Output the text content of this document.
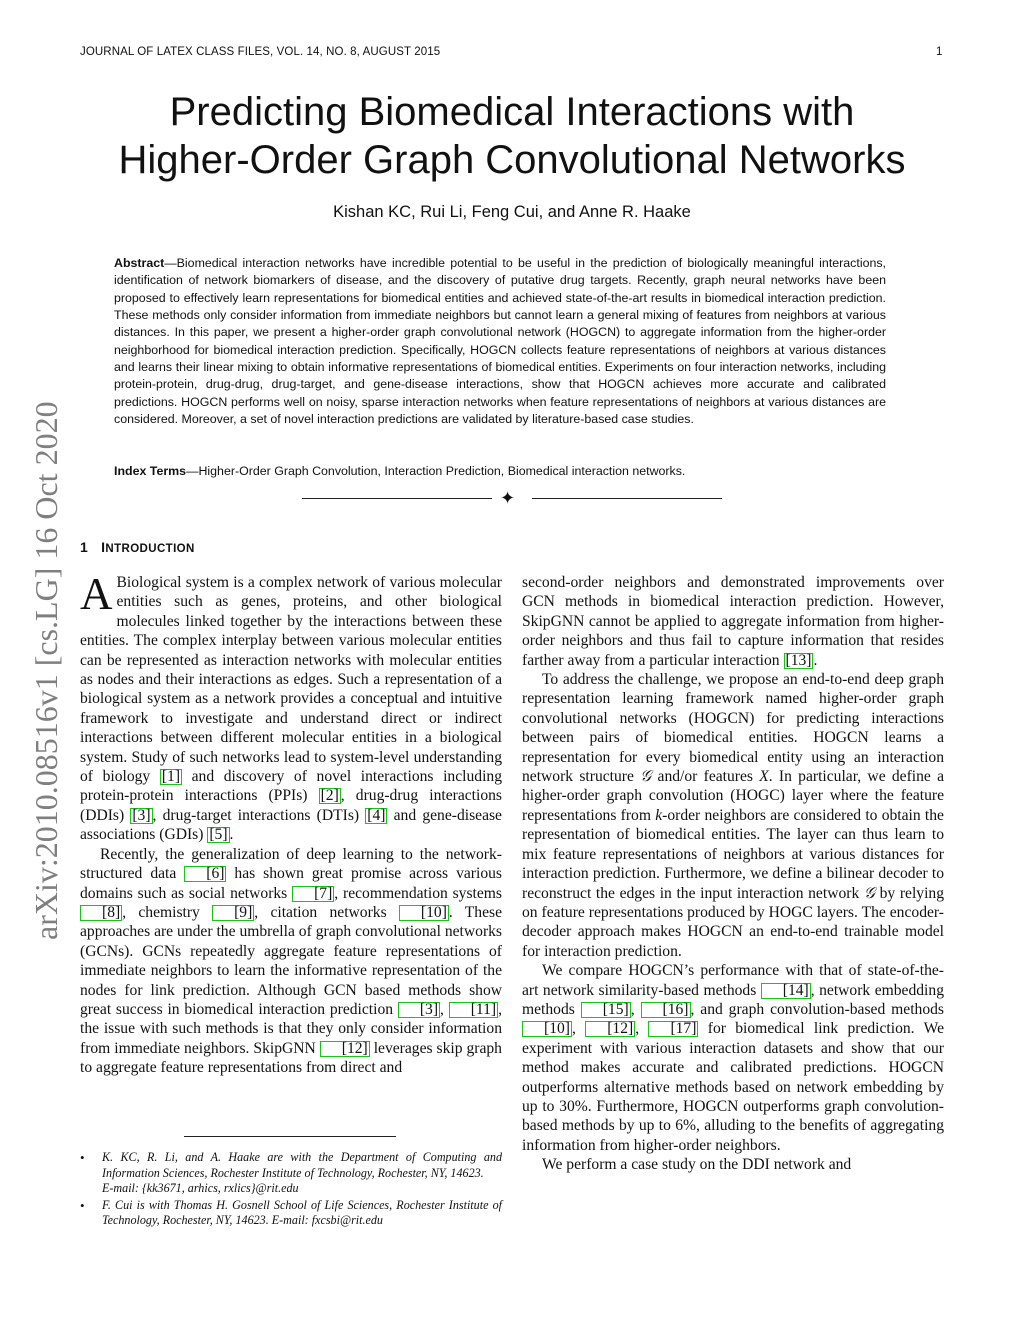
JOURNAL OF LATEX CLASS FILES, VOL. 14, NO. 8, AUGUST 2015	1
Predicting Biomedical Interactions with
Higher-Order Graph Convolutional Networks
Kishan KC, Rui Li, Feng Cui, and Anne R. Haake
Abstract—Biomedical interaction networks have incredible potential to be useful in the prediction of biologically meaningful interactions, identification of network biomarkers of disease, and the discovery of putative drug targets. Recently, graph neural networks have been proposed to effectively learn representations for biomedical entities and achieved state-of-the-art results in biomedical interaction prediction. These methods only consider information from immediate neighbors but cannot learn a general mixing of features from neighbors at various distances. In this paper, we present a higher-order graph convolutional network (HOGCN) to aggregate information from the higher-order neighborhood for biomedical interaction prediction. Specifically, HOGCN collects feature representations of neighbors at various distances and learns their linear mixing to obtain informative representations of biomedical entities. Experiments on four interaction networks, including protein-protein, drug-drug, drug-target, and gene-disease interactions, show that HOGCN achieves more accurate and calibrated predictions. HOGCN performs well on noisy, sparse interaction networks when feature representations of neighbors at various distances are considered. Moreover, a set of novel interaction predictions are validated by literature-based case studies.
Index Terms—Higher-Order Graph Convolution, Interaction Prediction, Biomedical interaction networks.
✦
1 INTRODUCTION

A Biological system is a complex network of various molecular entities such as genes, proteins, and other biological molecules linked together by the interactions between these entities. The complex interplay between various molecular entities can be represented as interaction networks with molecular entities as nodes and their interactions as edges. Such a representation of a biological system as a network provides a conceptual and intuitive framework to investigate and understand direct or indirect interactions between different molecular entities in a biological system. Study of such networks lead to system-level understanding of biology [1] and discovery of novel interactions including protein-protein interactions (PPIs) [2] , drug-drug interactions (DDIs) [3] , drug-target interactions (DTIs) [4] and gene-disease associations (GDIs) [5] .

Recently, the generalization of deep learning to the network-structured data [6] has shown great promise across various domains such as social networks [7] , recommendation systems [8] , chemistry [9] , citation networks [10] . These approaches are under the umbrella of graph convolutional networks (GCNs). GCNs repeatedly aggregate feature representations of immediate neighbors to learn the informative representation of the nodes for link prediction. Although GCN based methods show great success in biomedical interaction prediction [3] , [11] , the issue with such methods is that they only consider information from immediate neighbors. SkipGNN [12] leverages skip graph to aggregate feature representations from direct and

second-order neighbors and demonstrated improvements over GCN methods in biomedical interaction prediction. However, SkipGNN cannot be applied to aggregate information from higher-order neighbors and thus fail to capture information that resides farther away from a particular interaction [13] .

To address the challenge, we propose an end-to-end deep graph representation learning framework named higher-order graph convolutional networks (HOGCN) for predicting interactions between pairs of biomedical entities. HOGCN learns a representation for every biomedical entity using an interaction network structure 𝒢 and/or features X. In particular, we define a higher-order graph convolution (HOGC) layer where the feature representations from k-order neighbors are considered to obtain the representation of biomedical entities. The layer can thus learn to mix feature representations of neighbors at various distances for interaction prediction. Furthermore, we define a bilinear decoder to reconstruct the edges in the input interaction network 𝒢 by relying on feature representations produced by HOGC layers. The encoder-decoder approach makes HOGCN an end-to-end trainable model for interaction prediction.

We compare HOGCN’s performance with that of state-of-the-art network similarity-based methods [14] , network embedding methods [15] , [16] , and graph convolution-based methods [10] , [12] , [17] for biomedical link prediction. We experiment with various interaction datasets and show that our method makes accurate and calibrated predictions. HOGCN outperforms alternative methods based on network embedding by up to 30%. Furthermore, HOGCN outperforms graph convolution-based methods by up to 6%, alluding to the benefits of aggregating information from higher-order neighbors.

We perform a case study on the DDI network and

• K. KC, R. Li, and A. Haake are with the Department of Computing and Information Sciences, Rochester Institute of Technology, Rochester, NY, 14623.
E-mail: {kk3671, arhics, rxlics}@rit.edu
• F. Cui is with Thomas H. Gosnell School of Life Sciences, Rochester Institute of Technology, Rochester, NY, 14623. E-mail: fxcsbi@rit.edu
arXiv:2010.08516v1 [cs.LG] 16 Oct 2020
